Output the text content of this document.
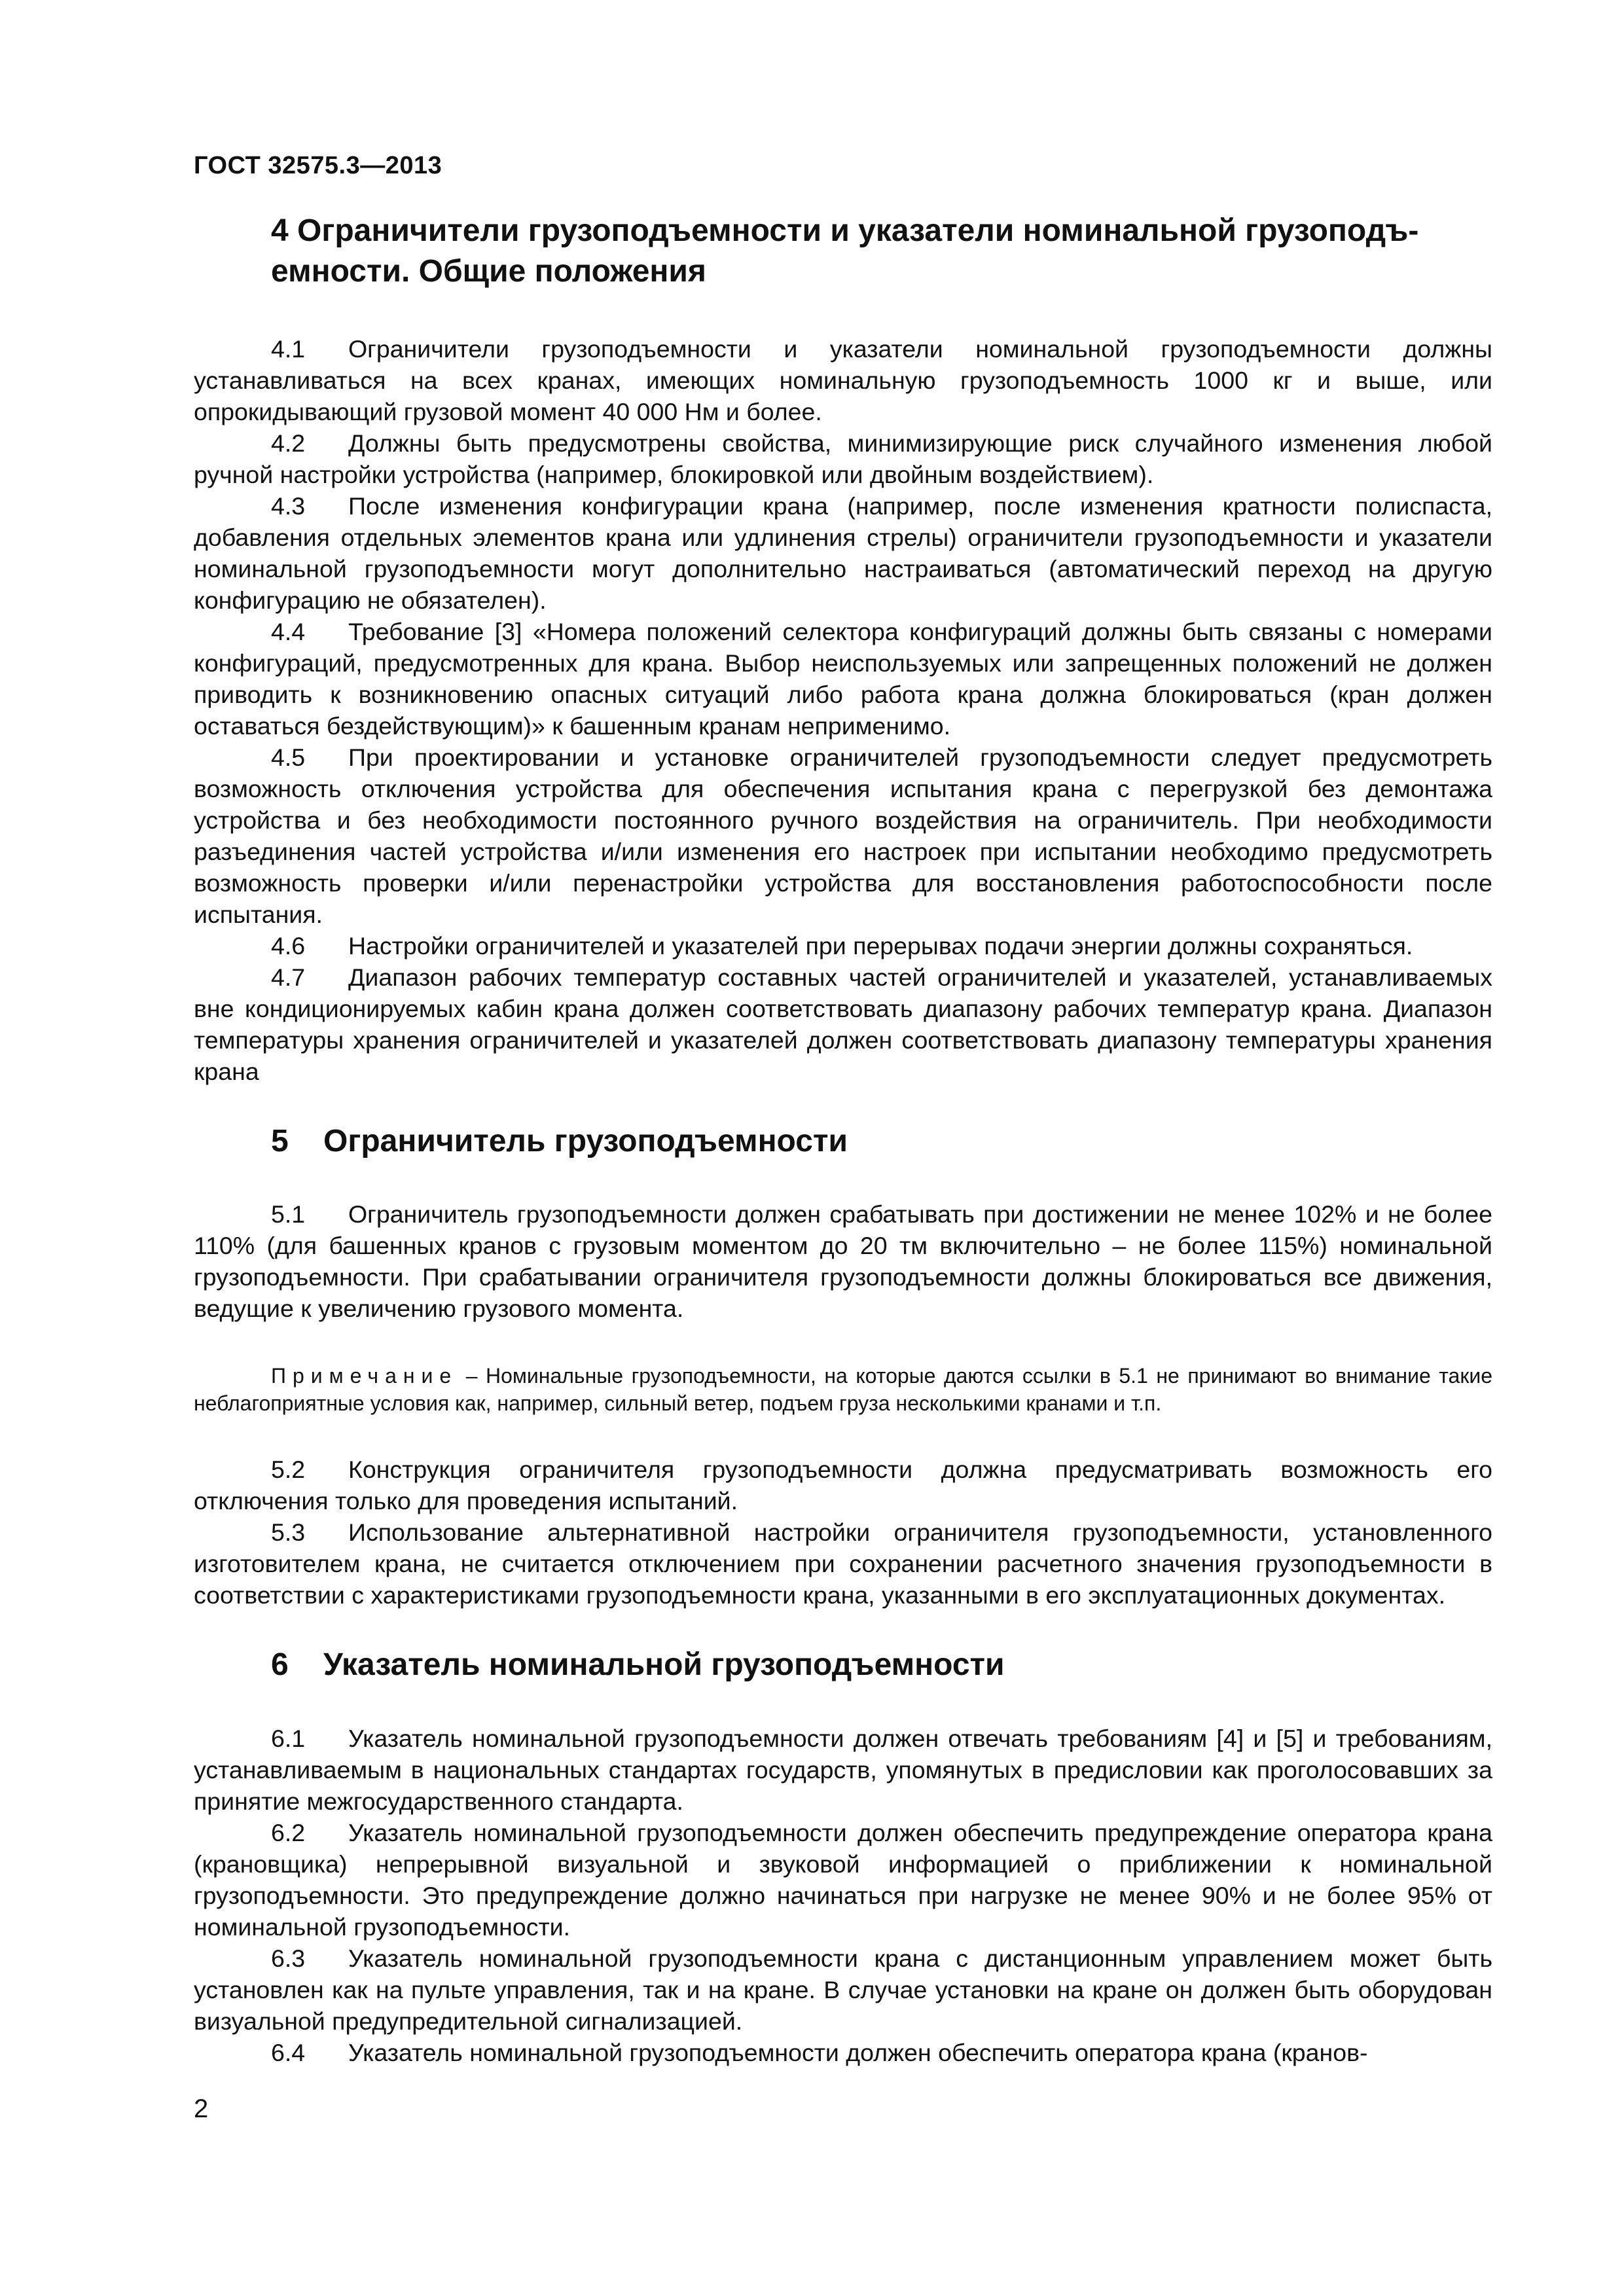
ГОСТ 32575.3—2013
4 Ограничители грузоподъемности и указатели номинальной грузоподъ-
емности. Общие положения

4.1 Ограничители грузоподъемности и указатели номинальной грузоподъемности должны устанавливаться на всех кранах, имеющих номинальную грузоподъемность 1000 кг и выше, или опрокидывающий грузовой момент 40 000 Нм и более.

4.2 Должны быть предусмотрены свойства, минимизирующие риск случайного изменения любой ручной настройки устройства (например, блокировкой или двойным воздействием).

4.3 После изменения конфигурации крана (например, после изменения кратности полиспаста, добавления отдельных элементов крана или удлинения стрелы) ограничители грузоподъемности и указатели номинальной грузоподъемности могут дополнительно настраиваться (автоматический переход на другую конфигурацию не обязателен).

4.4 Требование [3] «Номера положений селектора конфигураций должны быть связаны с номерами конфигураций, предусмотренных для крана. Выбор неиспользуемых или запрещенных положений не должен приводить к возникновению опасных ситуаций либо работа крана должна блокироваться (кран должен оставаться бездействующим)» к башенным кранам неприменимо.

4.5 При проектировании и установке ограничителей грузоподъемности следует предусмотреть возможность отключения устройства для обеспечения испытания крана с перегрузкой без демонтажа устройства и без необходимости постоянного ручного воздействия на ограничитель. При необходимости разъединения частей устройства и/или изменения его настроек при испытании необходимо предусмотреть возможность проверки и/или перенастройки устройства для восстановления работоспособности после испытания.

4.6 Настройки ограничителей и указателей при перерывах подачи энергии должны сохраняться.

4.7 Диапазон рабочих температур составных частей ограничителей и указателей, устанавливаемых вне кондиционируемых кабин крана должен соответствовать диапазону рабочих температур крана. Диапазон температуры хранения ограничителей и указателей должен соответствовать диапазону температуры хранения крана

5 Ограничитель грузоподъемности

5.1 Ограничитель грузоподъемности должен срабатывать при достижении не менее 102% и не более 110% (для башенных кранов с грузовым моментом до 20 тм включительно – не более 115%) номинальной грузоподъемности. При срабатывании ограничителя грузоподъемности должны блокироваться все движения, ведущие к увеличению грузового момента.

Примечание – Номинальные грузоподъемности, на которые даются ссылки в 5.1 не принимают во внимание такие неблагоприятные условия как, например, сильный ветер, подъем груза несколькими кранами и т.п.

5.2 Конструкция ограничителя грузоподъемности должна предусматривать возможность его отключения только для проведения испытаний.

5.3 Использование альтернативной настройки ограничителя грузоподъемности, установленного изготовителем крана, не считается отключением при сохранении расчетного значения грузоподъемности в соответствии с характеристиками грузоподъемности крана, указанными в его эксплуатационных документах.

6 Указатель номинальной грузоподъемности

6.1 Указатель номинальной грузоподъемности должен отвечать требованиям [4] и [5] и требованиям, устанавливаемым в национальных стандартах государств, упомянутых в предисловии как проголосовавших за принятие межгосударственного стандарта.

6.2 Указатель номинальной грузоподъемности должен обеспечить предупреждение оператора крана (крановщика) непрерывной визуальной и звуковой информацией о приближении к номинальной грузоподъемности. Это предупреждение должно начинаться при нагрузке не менее 90% и не более 95% от номинальной грузоподъемности.

6.3 Указатель номинальной грузоподъемности крана с дистанционным управлением может быть установлен как на пульте управления, так и на кране. В случае установки на кране он должен быть оборудован визуальной предупредительной сигнализацией.

6.4 Указатель номинальной грузоподъемности должен обеспечить оператора крана (кранов-

2
